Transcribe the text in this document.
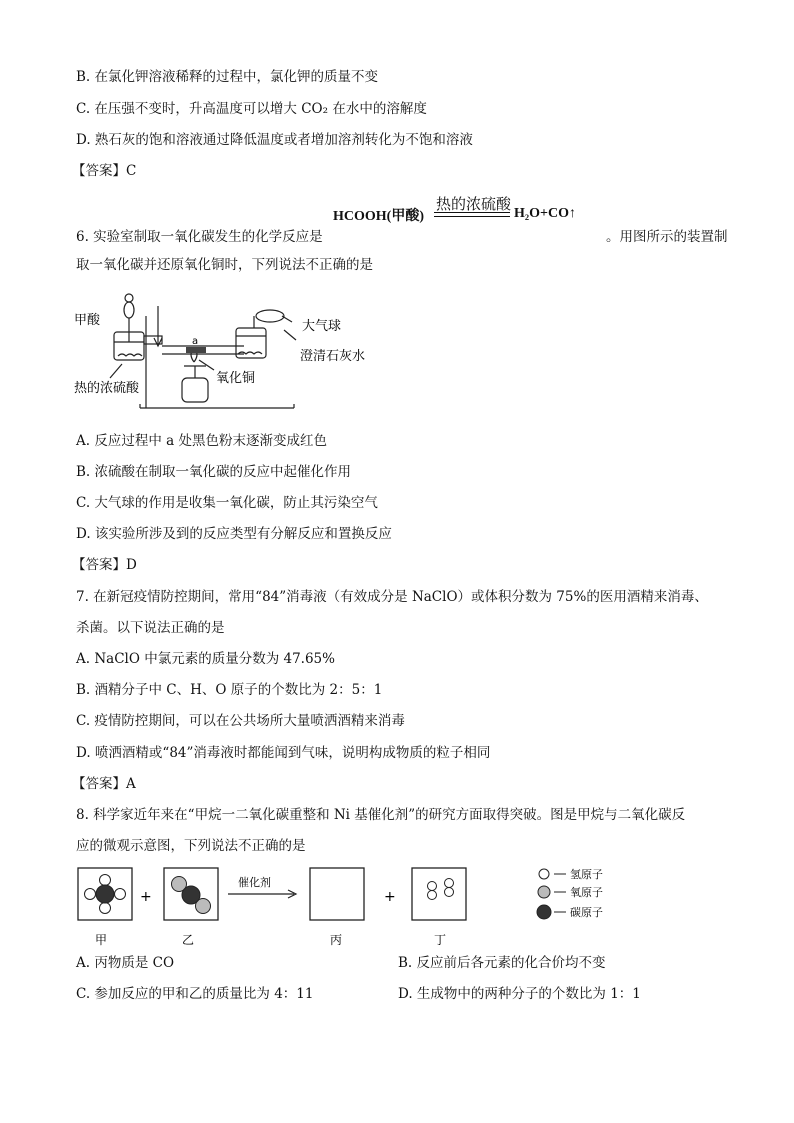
B. 在氯化钾溶液稀释的过程中，氯化钾的质量不变
C. 在压强不变时，升高温度可以增大 CO₂ 在水中的溶解度
D. 熟石灰的饱和溶液通过降低温度或者增加溶剂转化为不饱和溶液
【答案】C
HCOOH(甲酸)
热的浓硫酸
H₂O+CO↑
6. 实验室制取一氧化碳发生的化学反应是	。用图所示的装置制
取一氧化碳并还原氧化铜时，下列说法不正确的是
甲酸
热的浓硫酸
大气球
澄清石灰水
氧化铜
a
A. 反应过程中 a 处黑色粉末逐渐变成红色
B. 浓硫酸在制取一氧化碳的反应中起催化作用
C. 大气球的作用是收集一氧化碳，防止其污染空气
D. 该实验所涉及到的反应类型有分解反应和置换反应
【答案】D
7. 在新冠疫情防控期间，常用“84”消毒液（有效成分是 NaClO）或体积分数为 75%的医用酒精来消毒、
杀菌。以下说法正确的是
A. NaClO 中氯元素的质量分数为 47.65%
B. 酒精分子中 C、H、O 原子的个数比为 2：5：1
C. 疫情防控期间，可以在公共场所大量喷洒酒精来消毒
D. 喷洒酒精或“84”消毒液时都能闻到气味，说明构成物质的粒子相同
【答案】A
8. 科学家近年来在“甲烷一二氧化碳重整和 Ni 基催化剂”的研究方面取得突破。图是甲烷与二氧化碳反
应的微观示意图，下列说法不正确的是
+
催化剂
+
氢原子
氧原子
碳原子
甲	乙	丙	丁
A. 丙物质是 CO	B. 反应前后各元素的化合价均不变
C. 参加反应的甲和乙的质量比为 4：11	D. 生成物中的两种分子的个数比为 1：1
